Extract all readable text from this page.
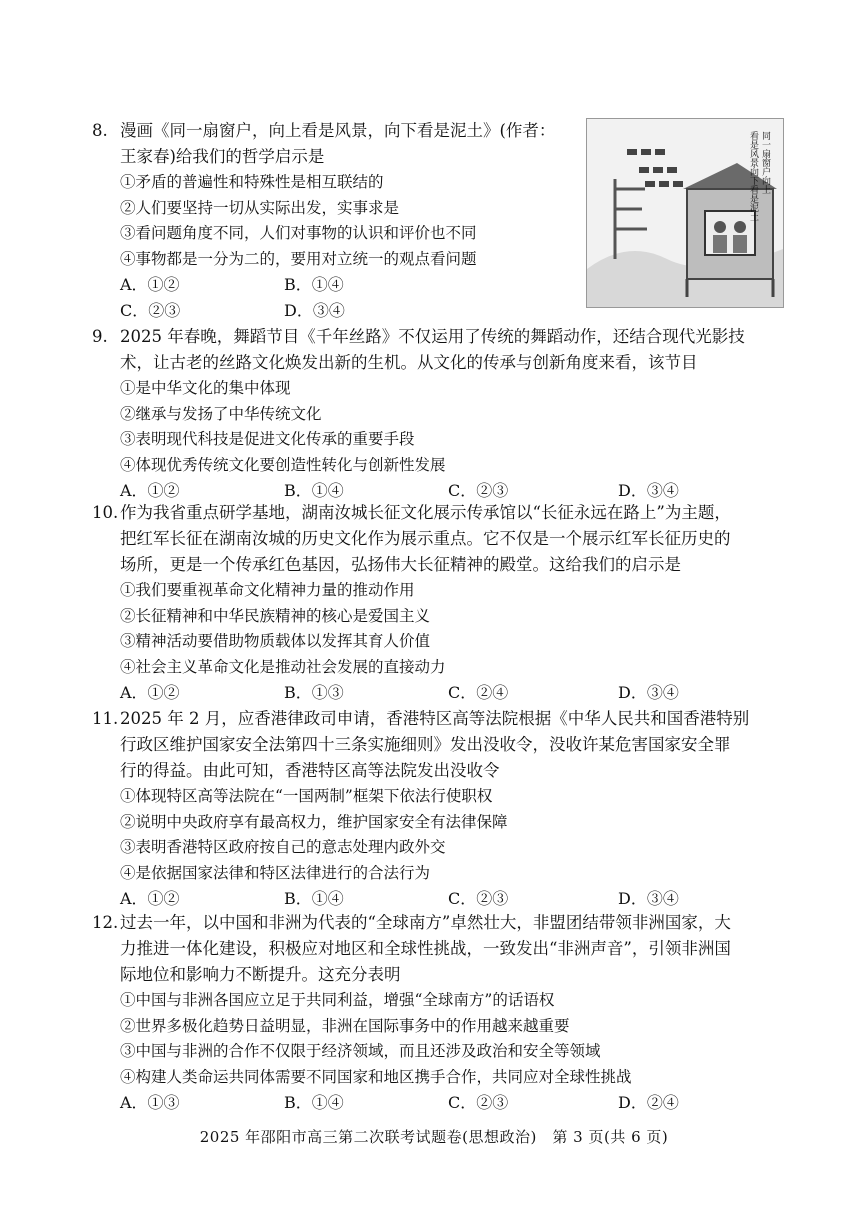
8. 漫画《同一扇窗户，向上看是风景，向下看是泥土》(作者：
王家春)给我们的哲学启示是
①矛盾的普遍性和特殊性是相互联结的
②人们要坚持一切从实际出发，实事求是
③看问题角度不同，人们对事物的认识和评价也不同
④事物都是一分为二的，要用对立统一的观点看问题
A．①②	B．①④
C．②③	D．③④
同一扇窗户向上
看是风景向下看是泥土
9. 2025 年春晚，舞蹈节目《千年丝路》不仅运用了传统的舞蹈动作，还结合现代光影技
术，让古老的丝路文化焕发出新的生机。从文化的传承与创新角度来看，该节目
①是中华文化的集中体现
②继承与发扬了中华传统文化
③表明现代科技是促进文化传承的重要手段
④体现优秀传统文化要创造性转化与创新性发展
A．①②	B．①④	C．②③	D．③④
10. 作为我省重点研学基地，湖南汝城长征文化展示传承馆以“长征永远在路上”为主题，
把红军长征在湖南汝城的历史文化作为展示重点。它不仅是一个展示红军长征历史的
场所，更是一个传承红色基因，弘扬伟大长征精神的殿堂。这给我们的启示是
①我们要重视革命文化精神力量的推动作用
②长征精神和中华民族精神的核心是爱国主义
③精神活动要借助物质载体以发挥其育人价值
④社会主义革命文化是推动社会发展的直接动力
A．①②	B．①③	C．②④	D．③④
11. 2025 年 2 月，应香港律政司申请，香港特区高等法院根据《中华人民共和国香港特别
行政区维护国家安全法第四十三条实施细则》发出没收令，没收许某危害国家安全罪
行的得益。由此可知，香港特区高等法院发出没收令
①体现特区高等法院在“一国两制”框架下依法行使职权
②说明中央政府享有最高权力，维护国家安全有法律保障
③表明香港特区政府按自己的意志处理内政外交
④是依据国家法律和特区法律进行的合法行为
A．①②	B．①④	C．②③	D．③④
12. 过去一年，以中国和非洲为代表的“全球南方”卓然壮大，非盟团结带领非洲国家，大
力推进一体化建设，积极应对地区和全球性挑战，一致发出“非洲声音”，引领非洲国
际地位和影响力不断提升。这充分表明
①中国与非洲各国应立足于共同利益，增强“全球南方”的话语权
②世界多极化趋势日益明显，非洲在国际事务中的作用越来越重要
③中国与非洲的合作不仅限于经济领域，而且还涉及政治和安全等领域
④构建人类命运共同体需要不同国家和地区携手合作，共同应对全球性挑战
A．①③	B．①④	C．②③	D．②④
2025 年邵阳市高三第二次联考试题卷(思想政治)　第 3 页(共 6 页)
